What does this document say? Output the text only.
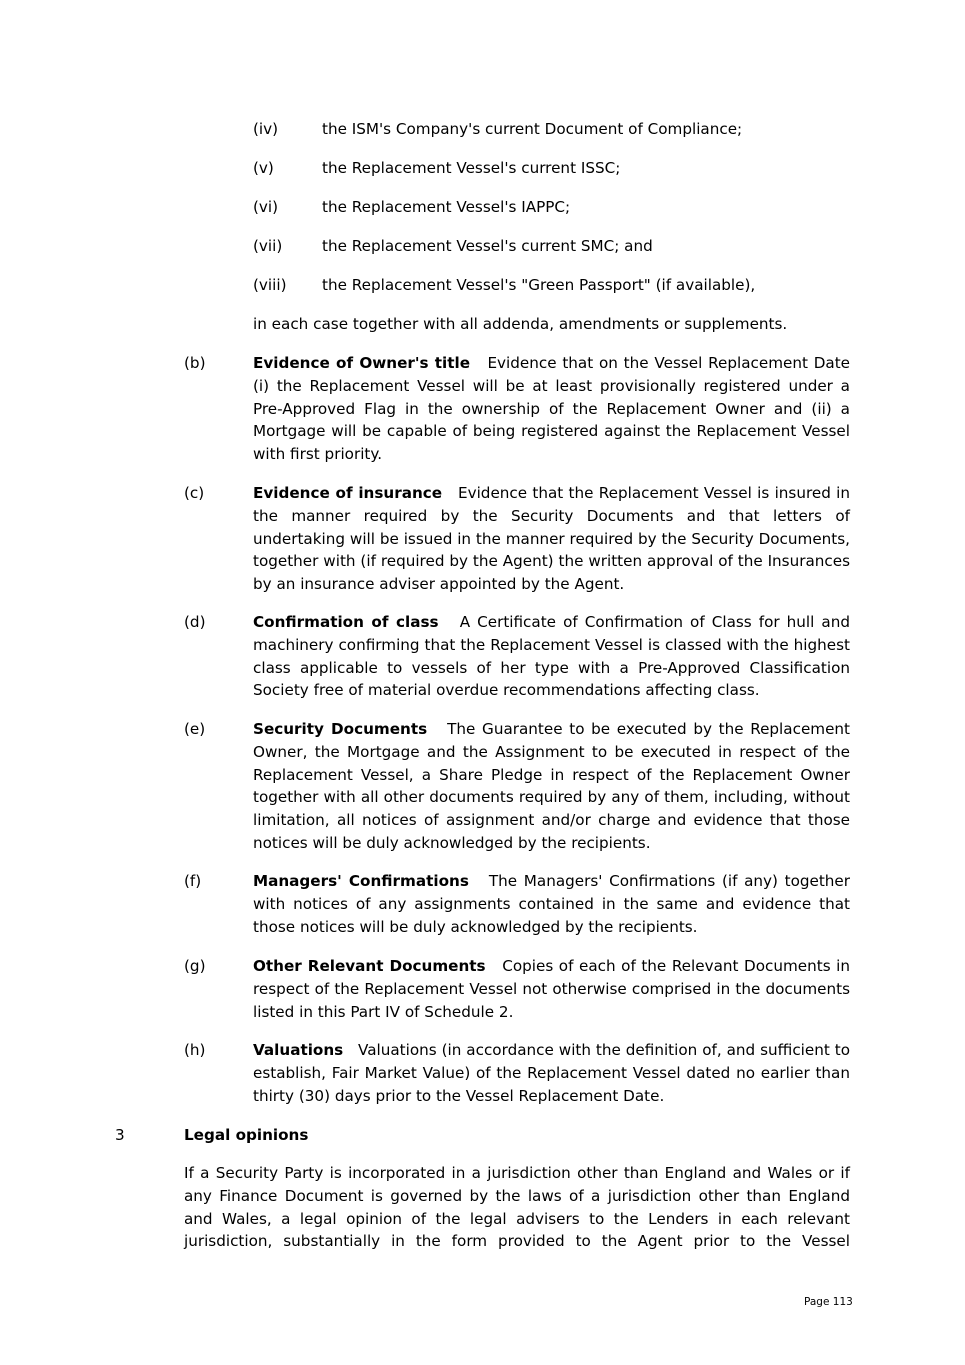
(iv)	the ISM's Company's current Document of Compliance;
(v)	the Replacement Vessel's current ISSC;
(vi)	the Replacement Vessel's IAPPC;
(vii)	the Replacement Vessel's current SMC; and
(viii) the Replacement Vessel's "Green Passport" (if available),
in each case together with all addenda, amendments or supplements.
(b)	Evidence of Owner's title Evidence that on the Vessel Replacement Date (i) the Replacement Vessel will be at least provisionally registered under a Pre-Approved Flag in the ownership of the Replacement Owner and (ii) a Mortgage will be capable of being registered against the Replacement Vessel with first priority.
(c)	Evidence of insurance Evidence that the Replacement Vessel is insured in the manner required by the Security Documents and that letters of undertaking will be issued in the manner required by the Security Documents, together with (if required by the Agent) the written approval of the Insurances by an insurance adviser appointed by the Agent.
(d)	Confirmation of class A Certificate of Confirmation of Class for hull and machinery confirming that the Replacement Vessel is classed with the highest class applicable to vessels of her type with a Pre-Approved Classification Society free of material overdue recommendations affecting class.
(e)	Security Documents The Guarantee to be executed by the Replacement Owner, the Mortgage and the Assignment to be executed in respect of the Replacement Vessel, a Share Pledge in respect of the Replacement Owner together with all other documents required by any of them, including, without limitation, all notices of assignment and/or charge and evidence that those notices will be duly acknowledged by the recipients.
(f)	Managers' Confirmations The Managers' Confirmations (if any) together with notices of any assignments contained in the same and evidence that those notices will be duly acknowledged by the recipients.
(g)	Other Relevant Documents Copies of each of the Relevant Documents in respect of the Replacement Vessel not otherwise comprised in the documents listed in this Part IV of Schedule 2.
(h)	Valuations Valuations (in accordance with the definition of, and sufficient to establish, Fair Market Value) of the Replacement Vessel dated no earlier than thirty (30) days prior to the Vessel Replacement Date.
3	Legal opinions
If a Security Party is incorporated in a jurisdiction other than England and Wales or if any Finance Document is governed by the laws of a jurisdiction other than England and Wales, a legal opinion of the legal advisers to the Lenders in each relevant jurisdiction, substantially in the form provided to the Agent prior to the Vessel
Page 113
